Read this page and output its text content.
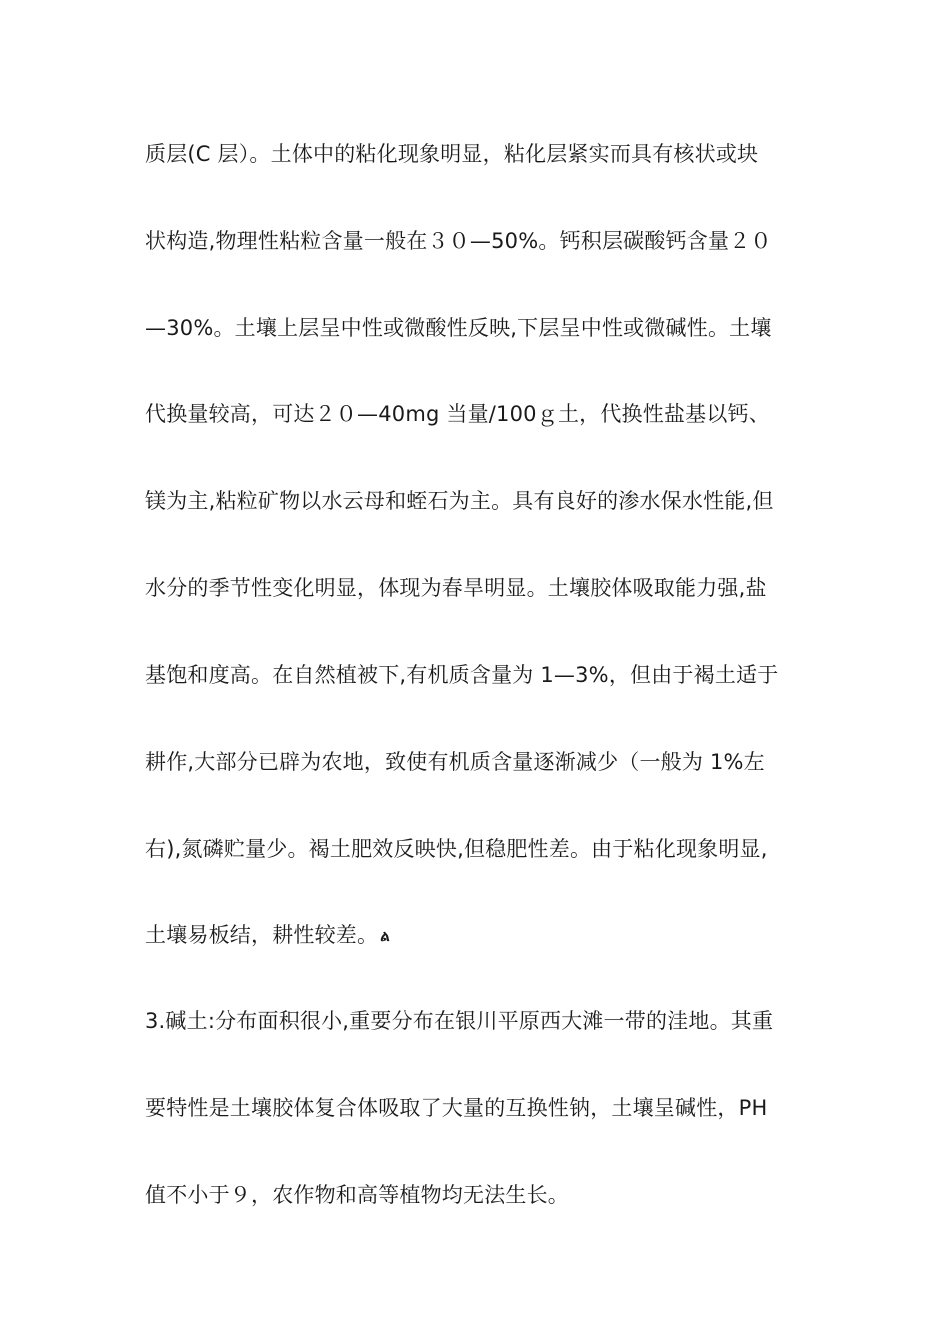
质层(C 层）。土体中的粘化现象明显，粘化层紧实而具有核状或块
状构造,物理性粘粒含量一般在３０—50%。钙积层碳酸钙含量２０
—30%。土壤上层呈中性或微酸性反映,下层呈中性或微碱性。土壤
代换量较高，可达２０—40mg 当量/100ｇ土，代换性盐基以钙、
镁为主,粘粒矿物以水云母和蛭石为主。具有良好的渗水保水性能,但
水分的季节性变化明显，体现为春旱明显。土壤胶体吸取能力强,盐
基饱和度高。在自然植被下,有机质含量为 1—3%，但由于褐土适于
耕作,大部分已辟为农地，致使有机质含量逐渐减少（一般为 1%左
右),氮磷贮量少。褐土肥效反映快,但稳肥性差。由于粘化现象明显,
土壤易板结，耕性较差。 ል
3.碱土:分布面积很小,重要分布在银川平原西大滩一带的洼地。其重
要特性是土壤胶体复合体吸取了大量的互换性钠，土壤呈碱性，PH
值不小于９，农作物和高等植物均无法生长。
